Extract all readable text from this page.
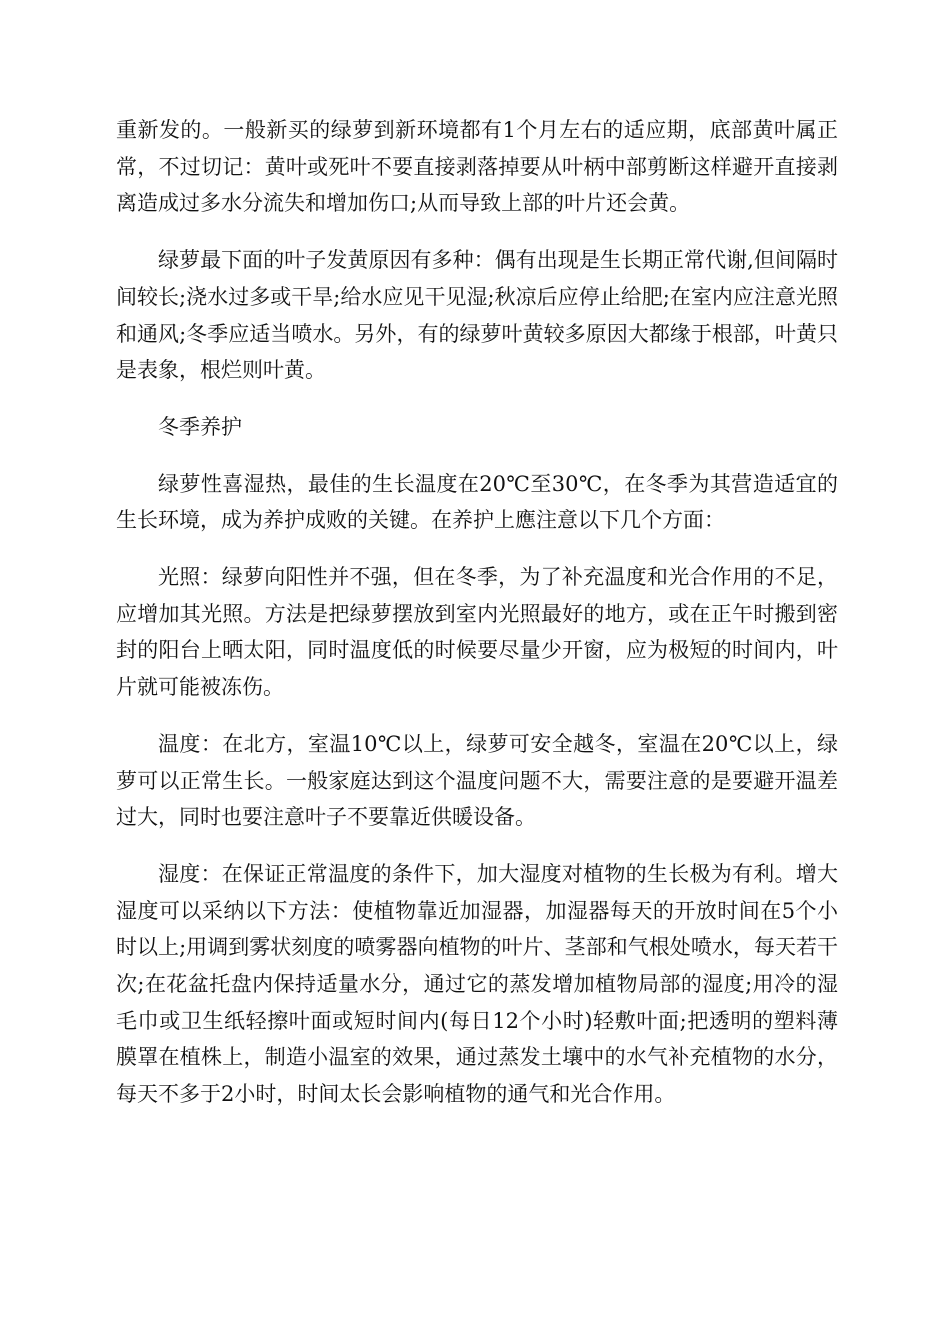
重新发的。一般新买的绿萝到新环境都有1个月左右的适应期，底部黄叶属正常，不过切记：黄叶或死叶不要直接剥落掉要从叶柄中部剪断这样避开直接剥离造成过多水分流失和增加伤口;从而导致上部的叶片还会黄。

绿萝最下面的叶子发黄原因有多种：偶有出现是生长期正常代谢,但间隔时间较长;浇水过多或干旱;给水应见干见湿;秋凉后应停止给肥;在室内应注意光照和通风;冬季应适当喷水。另外，有的绿萝叶黄较多原因大都缘于根部，叶黄只是表象，根烂则叶黄。

冬季养护

绿萝性喜湿热，最佳的生长温度在20℃至30℃，在冬季为其营造适宜的生长环境，成为养护成败的关键。在养护上應注意以下几个方面：

光照：绿萝向阳性并不强，但在冬季，为了补充温度和光合作用的不足，应增加其光照。方法是把绿萝摆放到室内光照最好的地方，或在正午时搬到密封的阳台上晒太阳，同时温度低的时候要尽量少开窗，应为极短的时间内，叶片就可能被冻伤。

温度：在北方，室温10℃以上，绿萝可安全越冬，室温在20℃以上，绿萝可以正常生长。一般家庭达到这个温度问题不大，需要注意的是要避开温差过大，同时也要注意叶子不要靠近供暖设备。

湿度：在保证正常温度的条件下，加大湿度对植物的生长极为有利。增大湿度可以采纳以下方法：使植物靠近加湿器，加湿器每天的开放时间在5个小时以上;用调到雾状刻度的喷雾器向植物的叶片、茎部和气根处喷水，每天若干次;在花盆托盘内保持适量水分，通过它的蒸发增加植物局部的湿度;用冷的湿毛巾或卫生纸轻擦叶面或短时间内(每日12个小时)轻敷叶面;把透明的塑料薄膜罩在植株上，制造小温室的效果，通过蒸发土壤中的水气补充植物的水分，每天不多于2小时，时间太长会影响植物的通气和光合作用。
